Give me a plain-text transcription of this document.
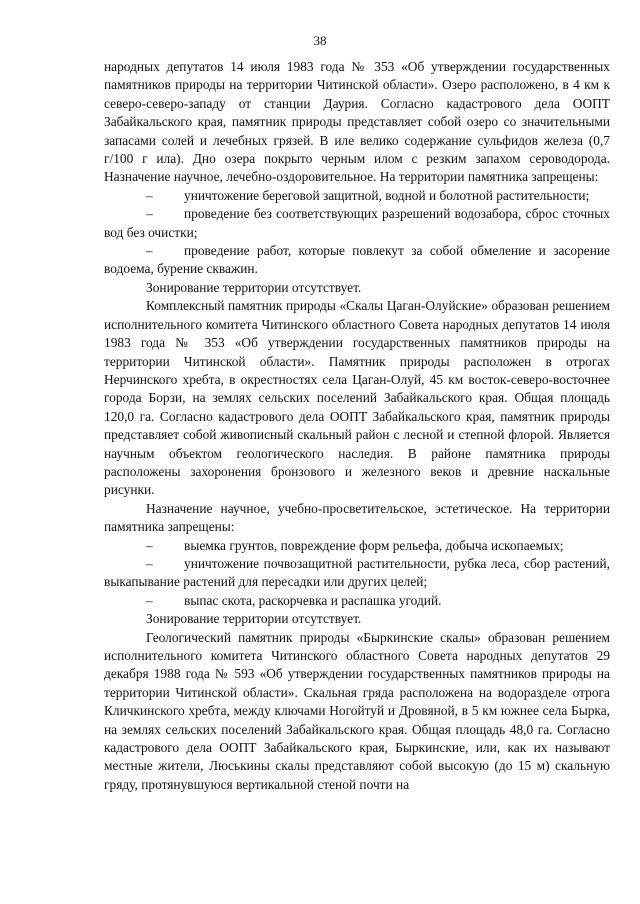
38

народных депутатов 14 июля 1983 года № 353 «Об утверждении государственных памятников природы на территории Читинской области». Озеро расположено, в 4 км к северо-северо-западу от станции Даурия. Согласно кадастрового дела ООПТ Забайкальского края, памятник природы представляет собой озеро со значительными запасами солей и лечебных грязей. В иле велико содержание сульфидов железа (0,7 г/100 г ила). Дно озера покрыто черным илом с резким запахом сероводорода. Назначение научное, лечебно-оздоровительное. На территории памятника запрещены:

– уничтожение береговой защитной, водной и болотной растительности;

– проведение без соответствующих разрешений водозабора, сброс сточных вод без очистки;

– проведение работ, которые повлекут за собой обмеление и засорение водоема, бурение скважин.

Зонирование территории отсутствует.

Комплексный памятник природы «Скалы Цаган-Олуйские» образован решением исполнительного комитета Читинского областного Совета народных депутатов 14 июля 1983 года № 353 «Об утверждении государственных памятников природы на территории Читинской области». Памятник природы расположен в отрогах Нерчинского хребта, в окрестностях села Цаган-Олуй, 45 км восток-северо-восточнее города Борзи, на землях сельских поселений Забайкальского края. Общая площадь 120,0 га. Согласно кадастрового дела ООПТ Забайкальского края, памятник природы представляет собой живописный скальный район с лесной и степной флорой. Является научным объектом геологического наследия. В районе памятника природы расположены захоронения бронзового и железного веков и древние наскальные рисунки.

Назначение научное, учебно-просветительское, эстетическое. На территории памятника запрещены:

– выемка грунтов, повреждение форм рельефа, добыча ископаемых;

– уничтожение почвозащитной растительности, рубка леса, сбор растений, выкапывание растений для пересадки или других целей;

– выпас скота, раскорчевка и распашка угодий.

Зонирование территории отсутствует.

Геологический памятник природы «Быркинские скалы» образован решением исполнительного комитета Читинского областного Совета народных депутатов 29 декабря 1988 года № 593 «Об утверждении государственных памятников природы на территории Читинской области». Скальная гряда расположена на водоразделе отрога Кличкинского хребта, между ключами Ногойтуй и Дровяной, в 5 км южнее села Бырка, на землях сельских поселений Забайкальского края. Общая площадь 48,0 га. Согласно кадастрового дела ООПТ Забайкальского края, Быркинские, или, как их называют местные жители, Люськины скалы представляют собой высокую (до 15 м) скальную гряду, протянувшуюся вертикальной стеной почти на
